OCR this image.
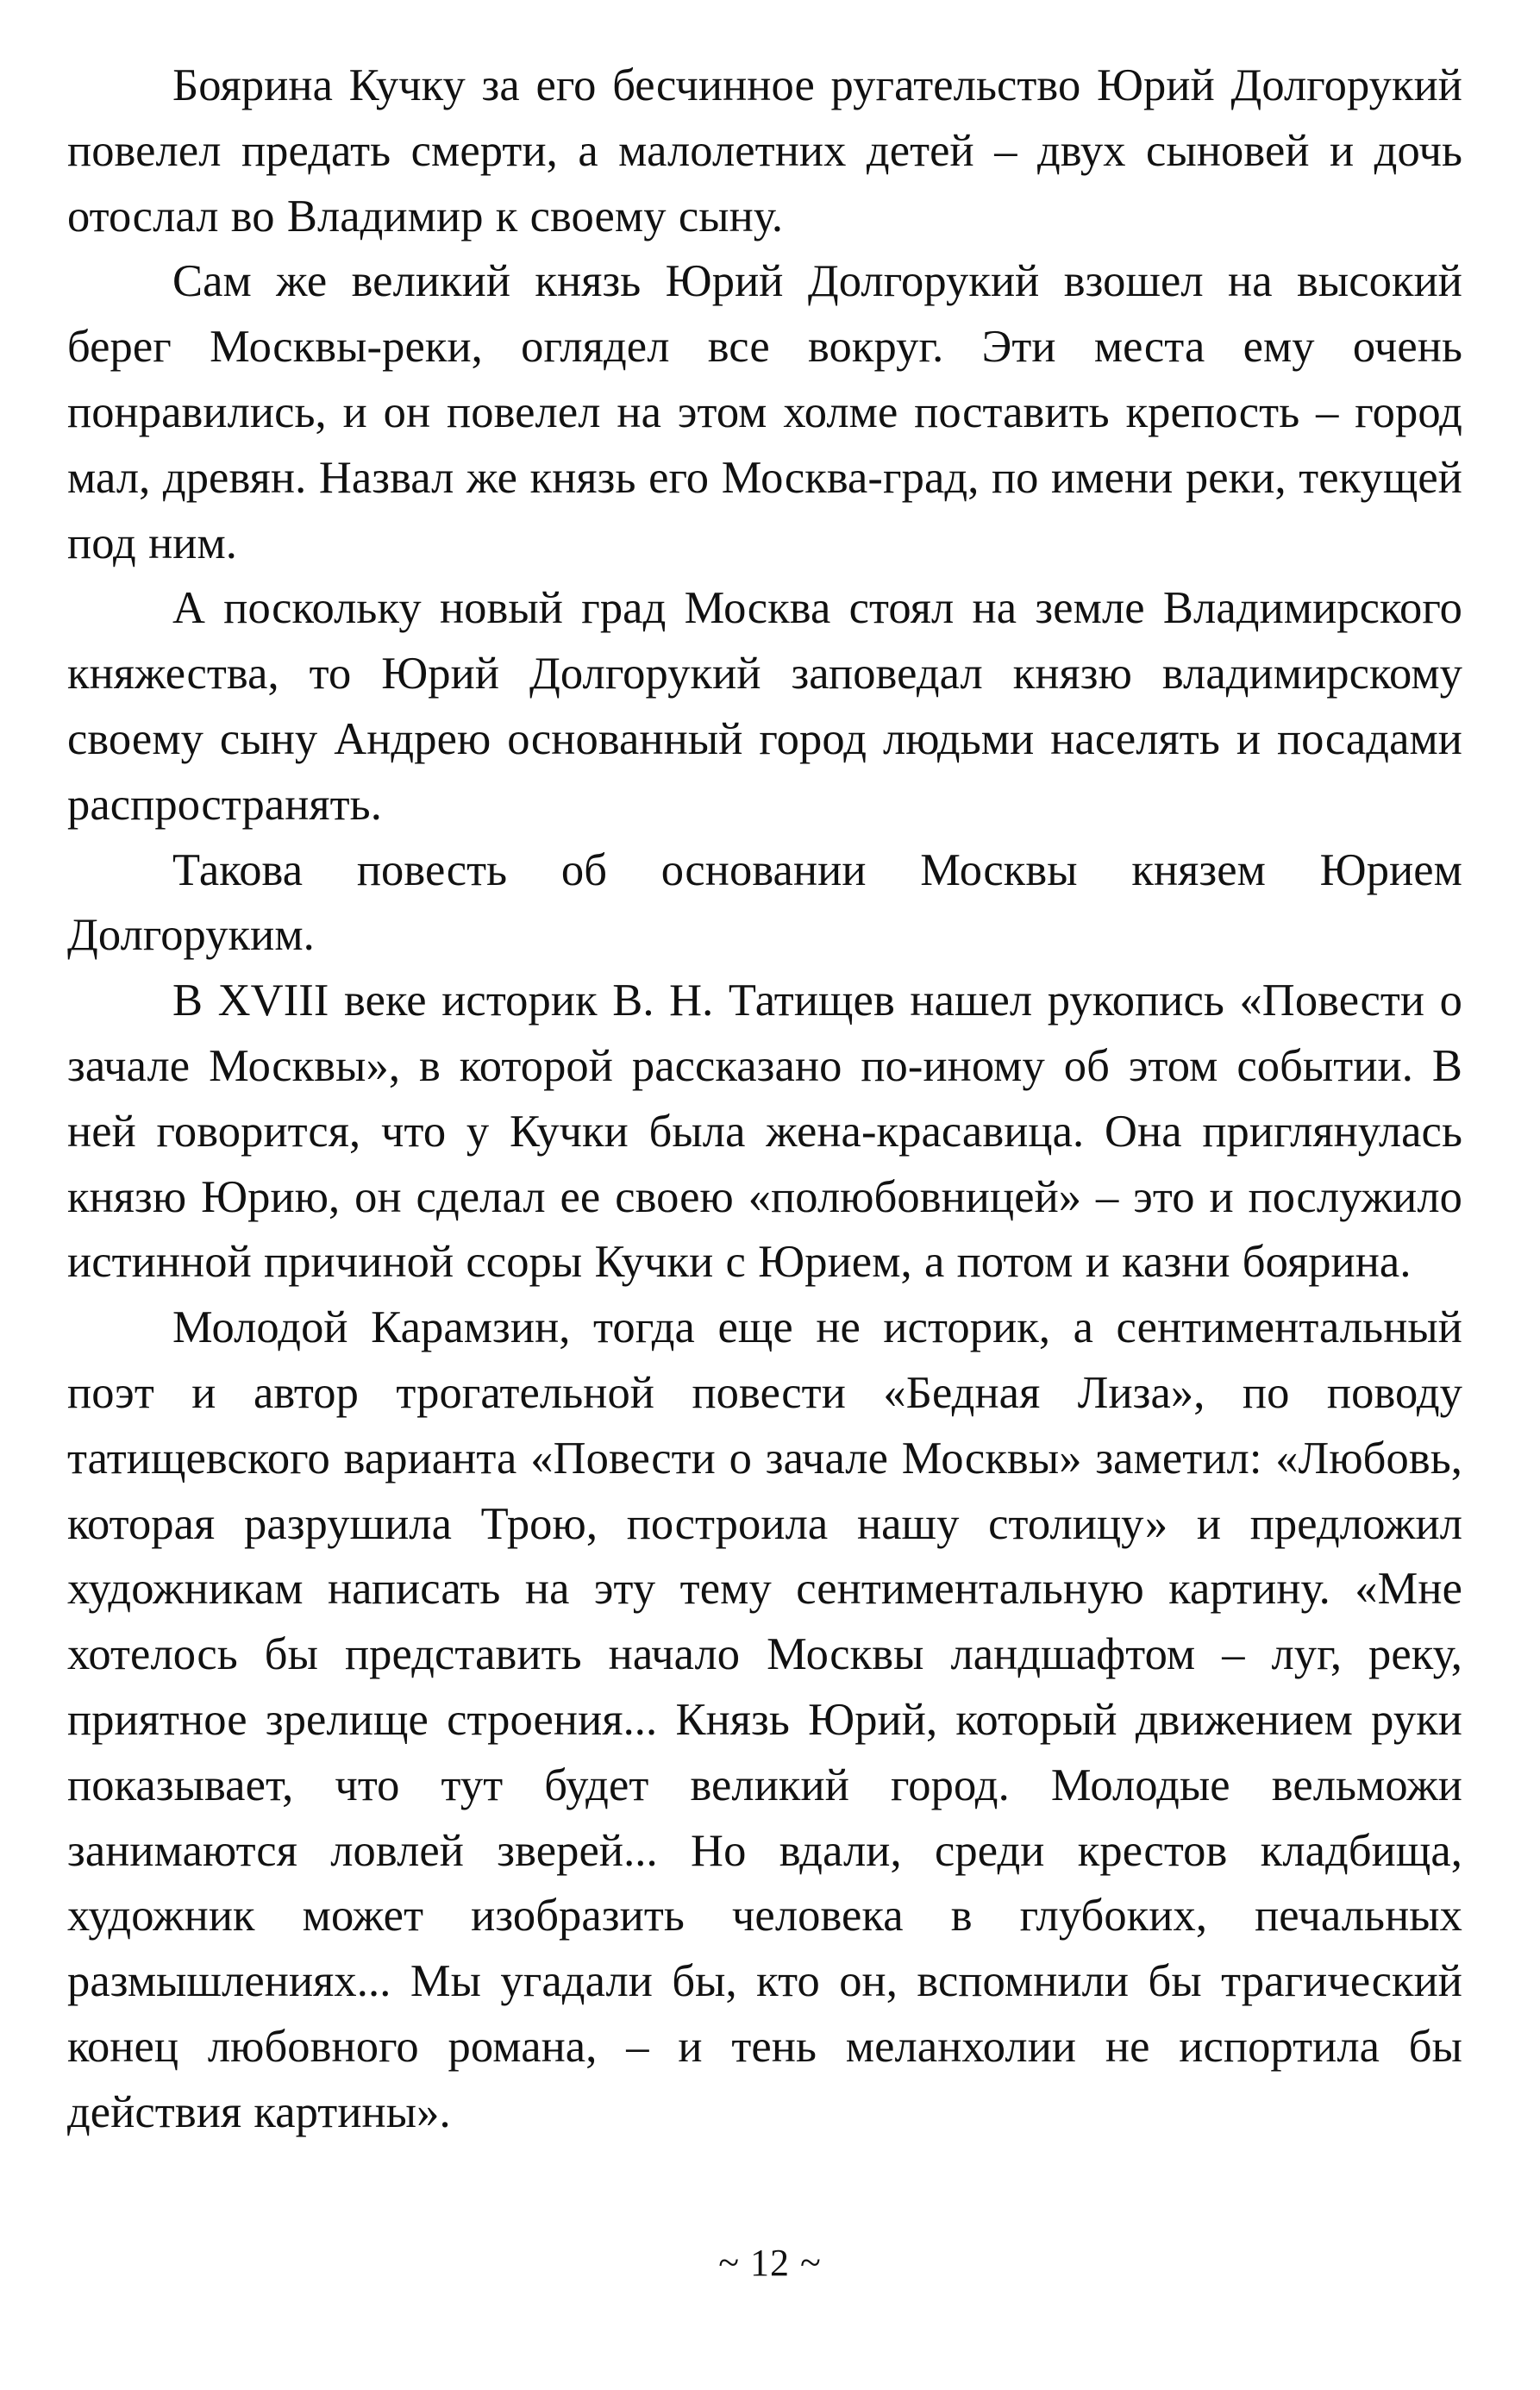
Боярина Кучку за его бесчинное ругательство Юрий Долгорукий повелел предать смерти, а малолетних детей – двух сыновей и дочь отослал во Владимир к своему сыну.

Сам же великий князь Юрий Долгорукий взошел на высокий берег Москвы-реки, оглядел все вокруг. Эти места ему очень понравились, и он повелел на этом холме поставить крепость – город мал, древян. Назвал же князь его Москва-град, по имени реки, текущей под ним.

А поскольку новый град Москва стоял на земле Владимирского княжества, то Юрий Долгорукий заповедал князю владимирскому своему сыну Андрею основанный город людьми населять и посадами распространять.

Такова повесть об основании Москвы князем Юрием Долгоруким.

В XVIII веке историк В. Н. Татищев нашел рукопись «Повести о зачале Москвы», в которой рассказано по-иному об этом событии. В ней говорится, что у Кучки была жена-красавица. Она приглянулась князю Юрию, он сделал ее своею «полюбовницей» – это и послужило истинной причиной ссоры Кучки с Юрием, а потом и казни боярина.

Молодой Карамзин, тогда еще не историк, а сентиментальный поэт и автор трогательной повести «Бедная Лиза», по поводу татищевского варианта «Повести о зачале Москвы» заметил: «Любовь, которая разрушила Трою, построила нашу столицу» и предложил художникам написать на эту тему сентиментальную картину. «Мне хотелось бы представить начало Москвы ландшафтом – луг, реку, приятное зрелище строения... Князь Юрий, который движением руки показывает, что тут будет великий город. Молодые вельможи занимаются ловлей зверей... Но вдали, среди крестов кладбища, художник может изобразить человека в глубоких, печальных размышлениях... Мы угадали бы, кто он, вспомнили бы трагический конец любовного романа, – и тень меланхолии не испортила бы действия картины».

~ 12 ~
